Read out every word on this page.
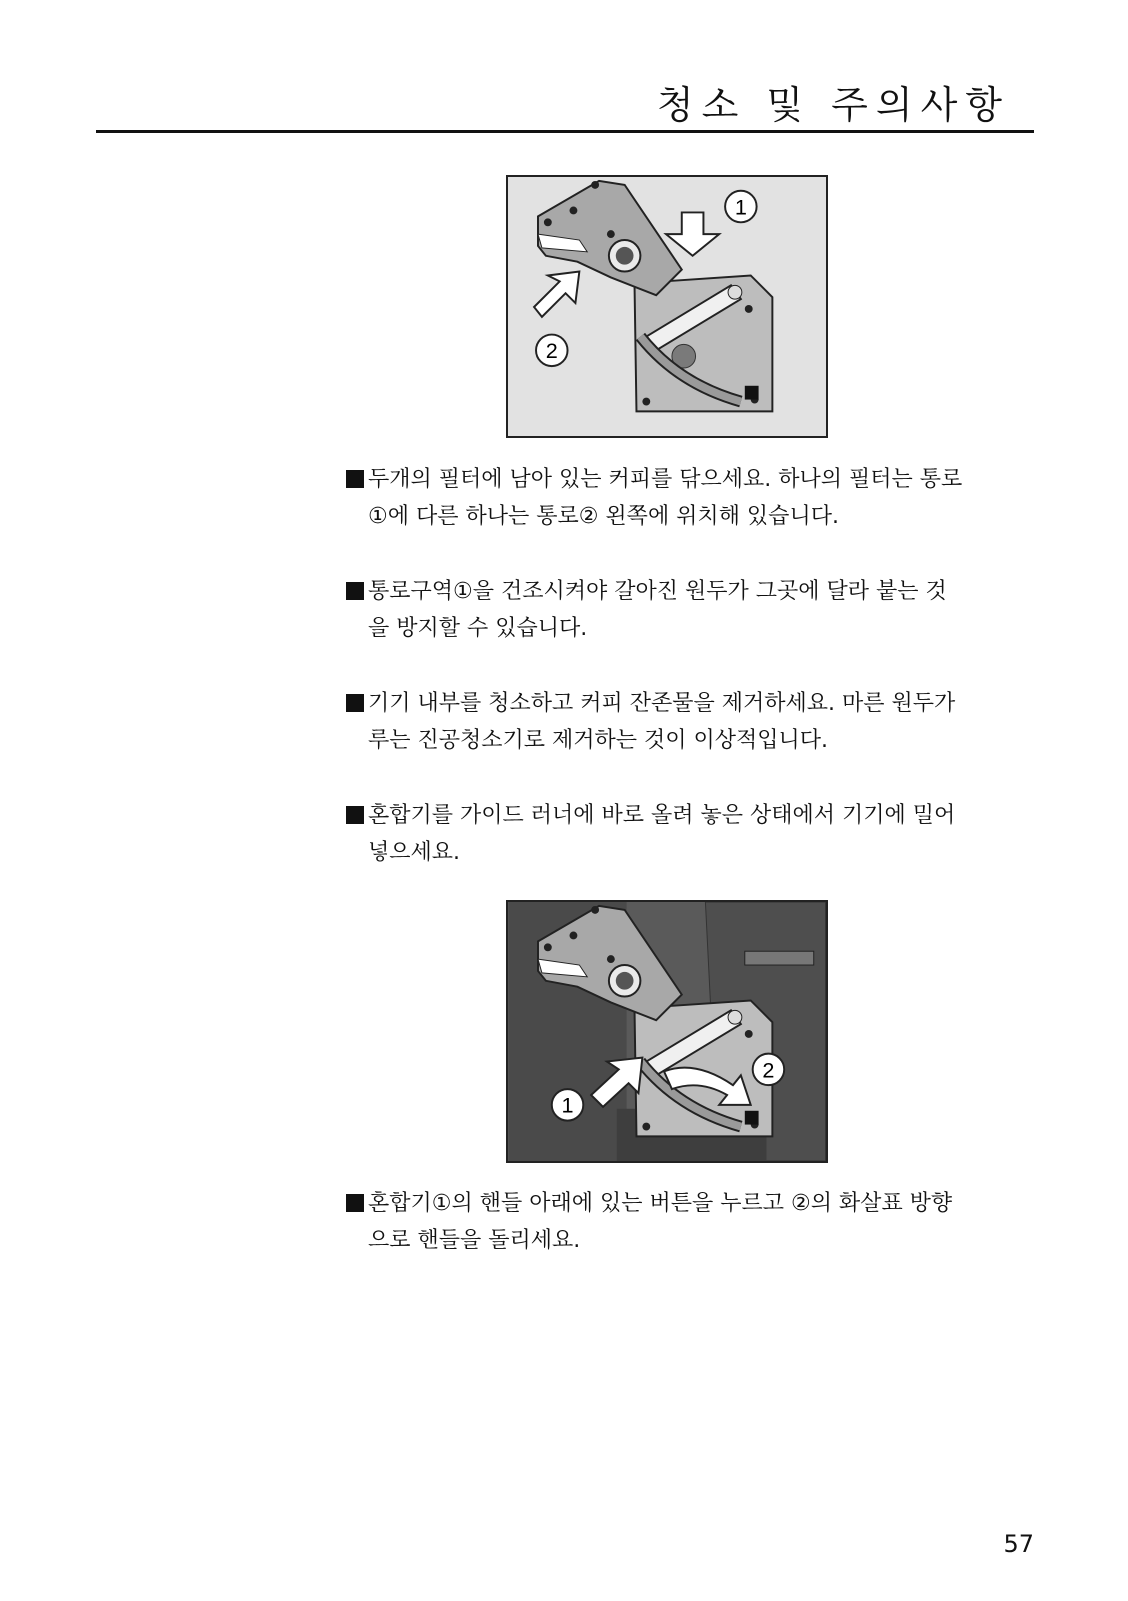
청소 및 주의사항
1
2
두개의 필터에 남아 있는 커피를 닦으세요. 하나의 필터는 통로
①에 다른 하나는 통로② 왼쪽에 위치해 있습니다.
통로구역①을 건조시켜야 갈아진 원두가 그곳에 달라 붙는 것
을 방지할 수 있습니다.
기기 내부를 청소하고 커피 잔존물을 제거하세요. 마른 원두가
루는 진공청소기로 제거하는 것이 이상적입니다.
혼합기를 가이드 러너에 바로 올려 놓은 상태에서 기기에 밀어
넣으세요.
1
2
혼합기①의 핸들 아래에 있는 버튼을 누르고 ②의 화살표 방향
으로 핸들을 돌리세요.
57
